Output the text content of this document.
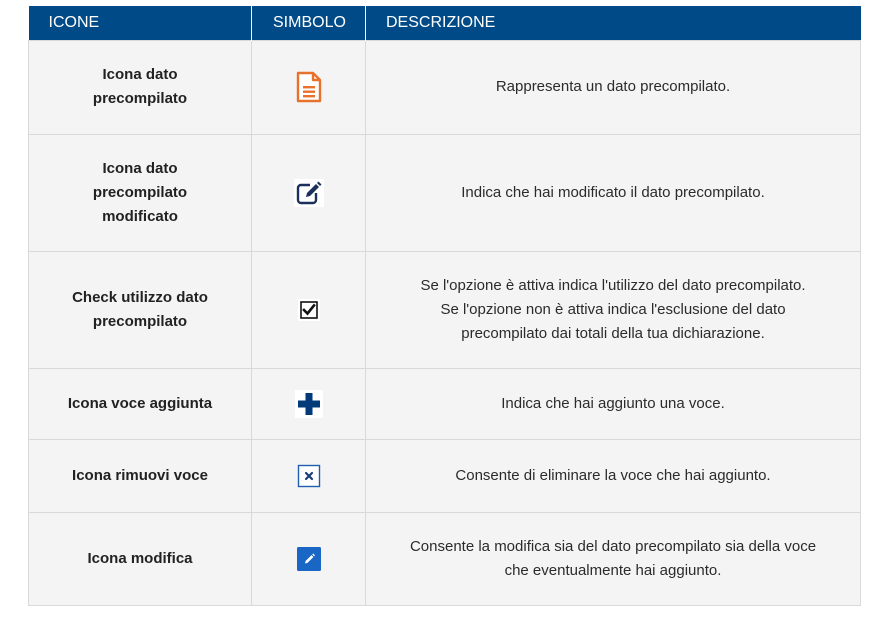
ICONE	SIMBOLO	DESCRIZIONE
Icona dato precompilato		Rappresenta un dato precompilato.

Icona dato precompilato modificato		Indica che hai modificato il dato precompilato.

Check utilizzo dato precompilato		Se l'opzione è attiva indica l'utilizzo del dato precompilato.
Se l'opzione non è attiva indica l'esclusione del dato
precompilato dai totali della tua dichiarazione.

Icona voce aggiunta		Indica che hai aggiunto una voce.

Icona rimuovi voce		Consente di eliminare la voce che hai aggiunto.

Icona modifica		Consente la modifica sia del dato precompilato sia della voce
che eventualmente hai aggiunto.
